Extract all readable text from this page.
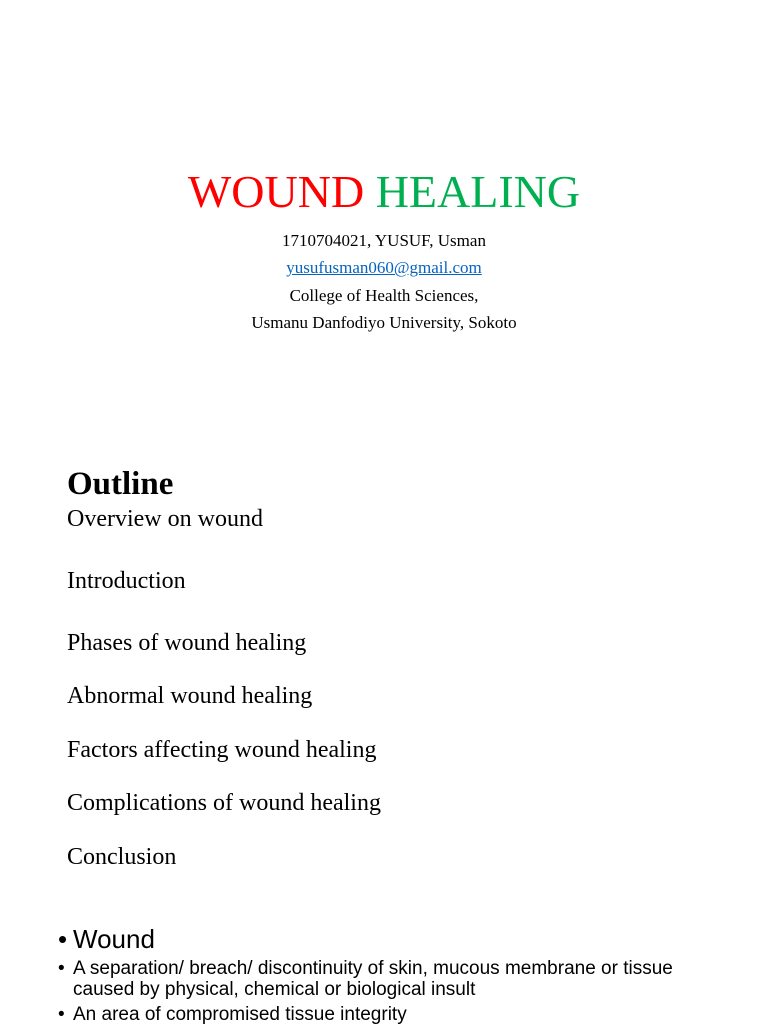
WOUND HEALING
1710704021, YUSUF, Usman
yusufusman060@gmail.com
College of Health Sciences,
Usmanu Danfodiyo University, Sokoto
Outline
Overview on wound
Introduction
Phases of wound healing
Abnormal wound healing
Factors affecting wound healing
Complications of wound healing
Conclusion
• Wound
• A separation/ breach/ discontinuity of skin, mucous membrane or tissue caused by physical, chemical or biological insult
• An area of compromised tissue integrity
